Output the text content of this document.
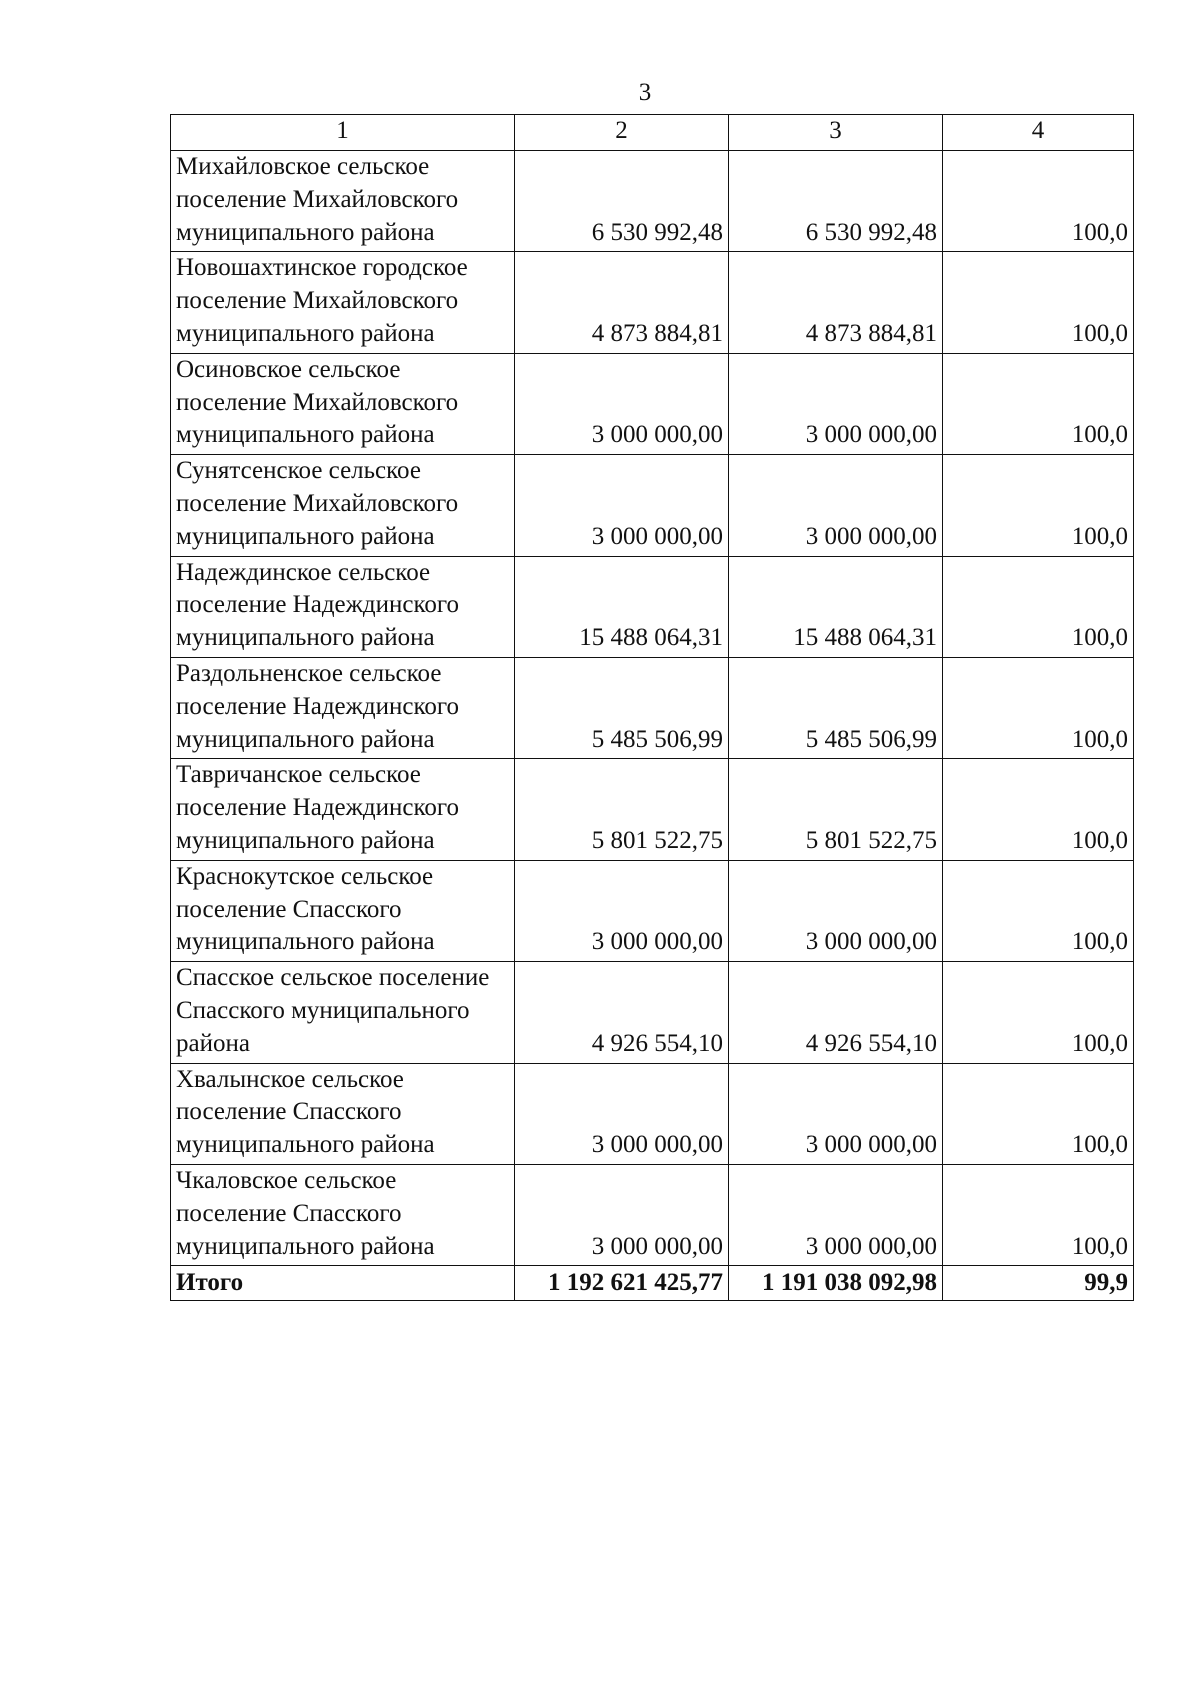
3
1	2	3	4
Михайловское сельское поселение Михайловского муниципального района	6 530 992,48	6 530 992,48	100,0
Новошахтинское городское поселение Михайловского муниципального района	4 873 884,81	4 873 884,81	100,0
Осиновское сельское поселение Михайловского муниципального района	3 000 000,00	3 000 000,00	100,0
Сунятсенское сельское поселение Михайловского муниципального района	3 000 000,00	3 000 000,00	100,0
Надеждинское сельское поселение Надеждинского муниципального района	15 488 064,31	15 488 064,31	100,0
Раздольненское сельское поселение Надеждинского муниципального района	5 485 506,99	5 485 506,99	100,0
Тавричанское сельское поселение Надеждинского муниципального района	5 801 522,75	5 801 522,75	100,0
Краснокутское сельское поселение Спасского муниципального района	3 000 000,00	3 000 000,00	100,0
Спасское сельское поселение Спасского муниципального района	4 926 554,10	4 926 554,10	100,0
Хвалынское сельское поселение Спасского муниципального района	3 000 000,00	3 000 000,00	100,0
Чкаловское сельское поселение Спасского муниципального района	3 000 000,00	3 000 000,00	100,0
Итого	1 192 621 425,77	1 191 038 092,98	99,9
